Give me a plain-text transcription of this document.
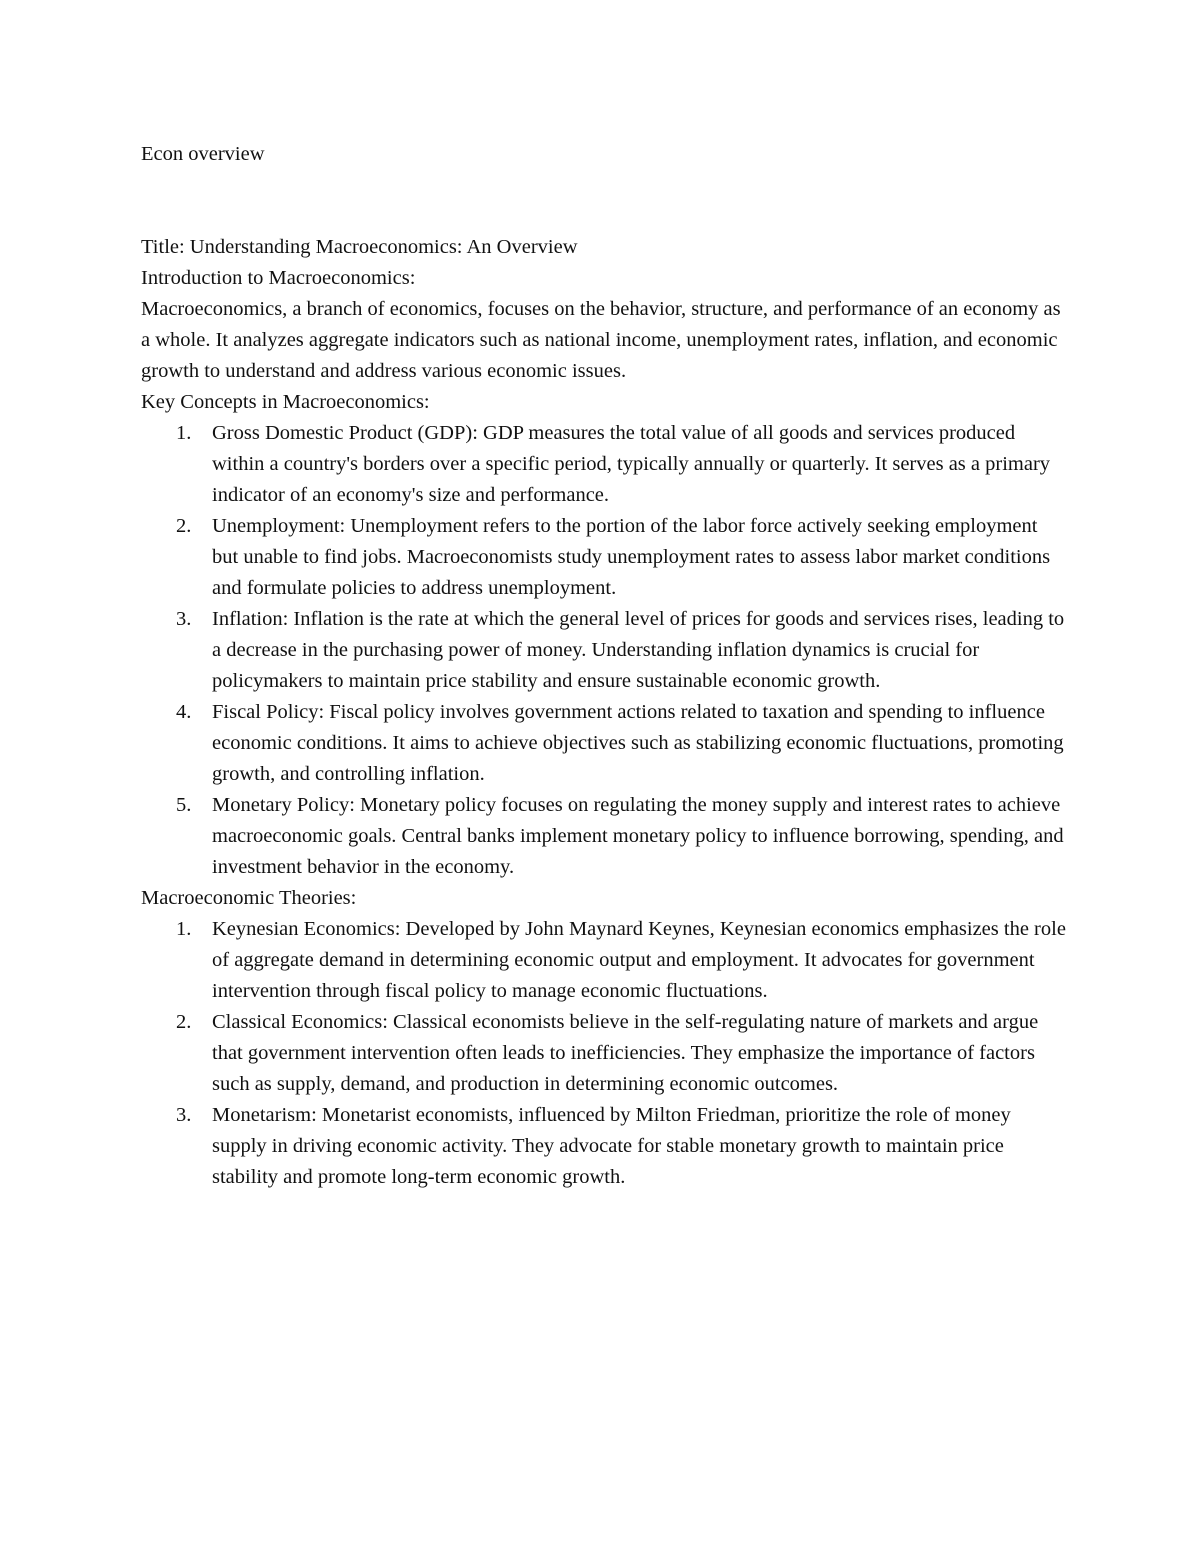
Econ overview

Title: Understanding Macroeconomics: An Overview

Introduction to Macroeconomics:

Macroeconomics, a branch of economics, focuses on the behavior, structure, and performance of an economy as a whole. It analyzes aggregate indicators such as national income, unemployment rates, inflation, and economic growth to understand and address various economic issues.

Key Concepts in Macroeconomics:

1. Gross Domestic Product (GDP): GDP measures the total value of all goods and services produced within a country's borders over a specific period, typically annually or quarterly. It serves as a primary indicator of an economy's size and performance.
2. Unemployment: Unemployment refers to the portion of the labor force actively seeking employment but unable to find jobs. Macroeconomists study unemployment rates to assess labor market conditions and formulate policies to address unemployment.
3. Inflation: Inflation is the rate at which the general level of prices for goods and services rises, leading to a decrease in the purchasing power of money. Understanding inflation dynamics is crucial for policymakers to maintain price stability and ensure sustainable economic growth.
4. Fiscal Policy: Fiscal policy involves government actions related to taxation and spending to influence economic conditions. It aims to achieve objectives such as stabilizing economic fluctuations, promoting growth, and controlling inflation.
5. Monetary Policy: Monetary policy focuses on regulating the money supply and interest rates to achieve macroeconomic goals. Central banks implement monetary policy to influence borrowing, spending, and investment behavior in the economy.

Macroeconomic Theories:

1. Keynesian Economics: Developed by John Maynard Keynes, Keynesian economics emphasizes the role of aggregate demand in determining economic output and employment. It advocates for government intervention through fiscal policy to manage economic fluctuations.
2. Classical Economics: Classical economists believe in the self-regulating nature of markets and argue that government intervention often leads to inefficiencies. They emphasize the importance of factors such as supply, demand, and production in determining economic outcomes.
3. Monetarism: Monetarist economists, influenced by Milton Friedman, prioritize the role of money supply in driving economic activity. They advocate for stable monetary growth to maintain price stability and promote long-term economic growth.
